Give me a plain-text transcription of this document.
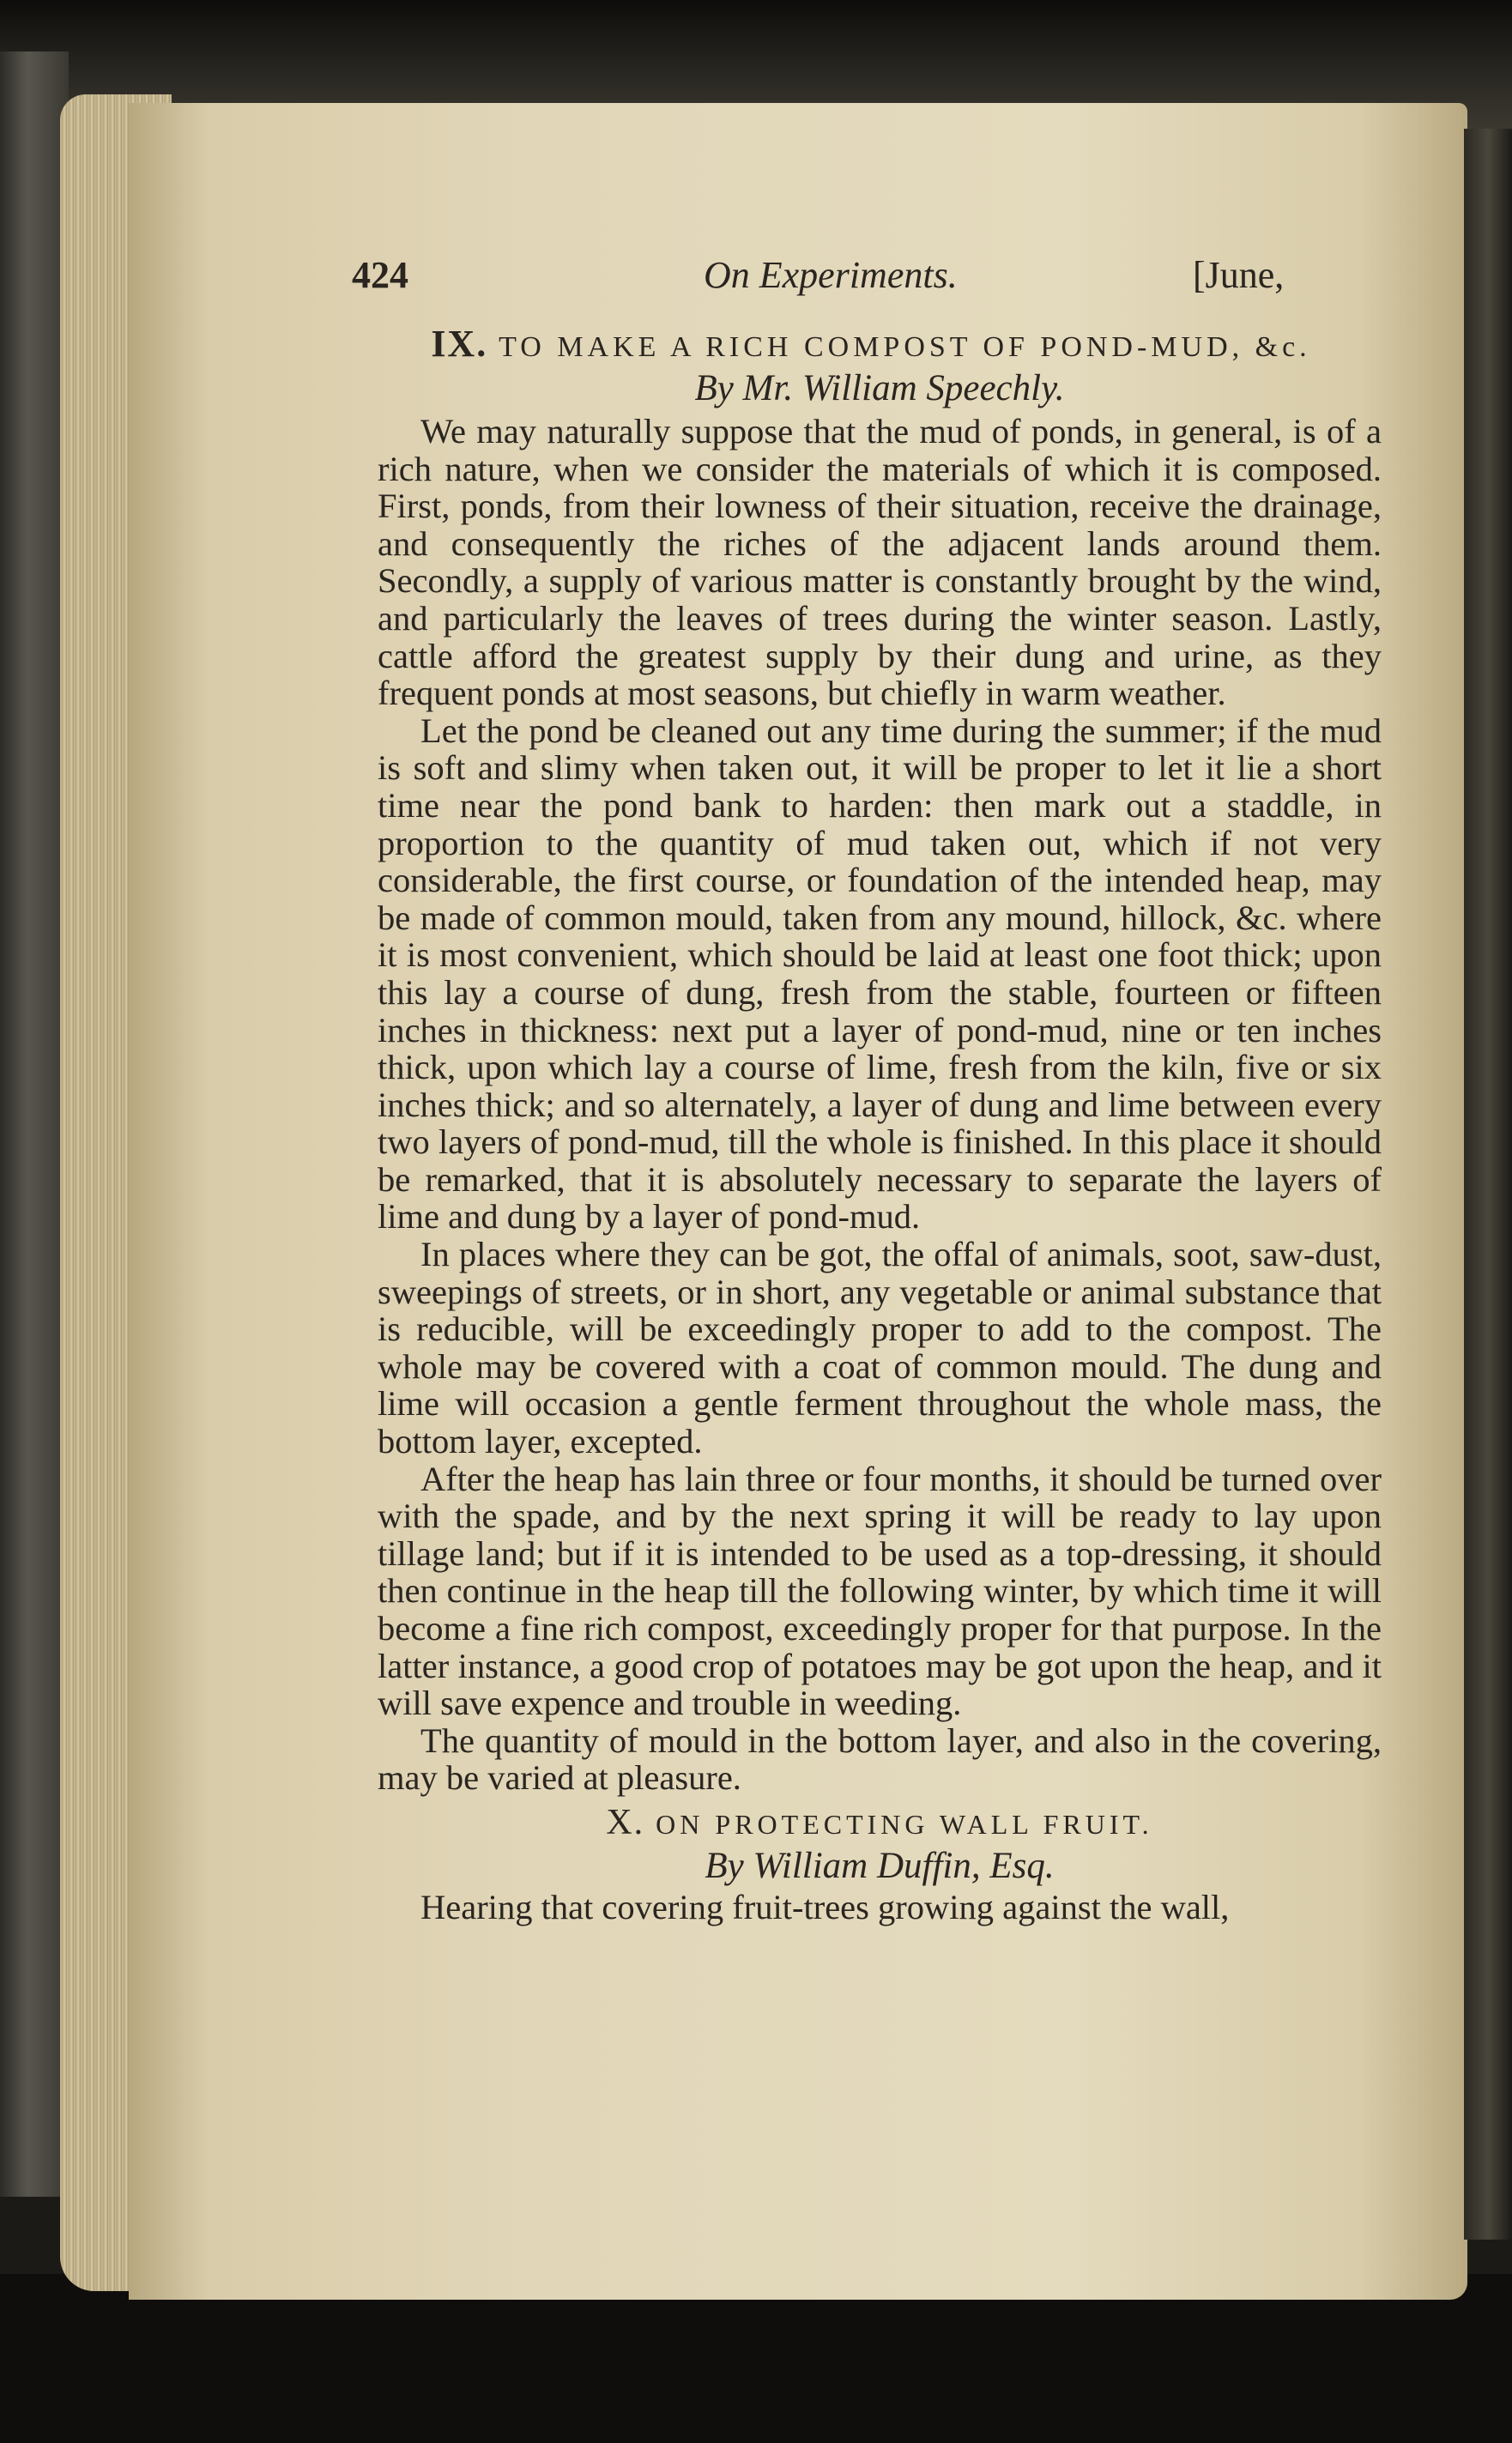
424	On Experiments.	[June,
IX. TO MAKE A RICH COMPOST OF POND-MUD, &c.
By Mr. William Speechly.

We may naturally suppose that the mud of ponds, in general, is of a rich nature, when we consider the materials of which it is composed. First, ponds, from their lowness of their situation, receive the drainage, and consequently the riches of the adjacent lands around them. Secondly, a supply of various matter is constantly brought by the wind, and particularly the leaves of trees during the winter season. Lastly, cattle afford the greatest supply by their dung and urine, as they frequent ponds at most seasons, but chiefly in warm weather.

Let the pond be cleaned out any time during the summer; if the mud is soft and slimy when taken out, it will be proper to let it lie a short time near the pond bank to harden: then mark out a staddle, in proportion to the quantity of mud taken out, which if not very considerable, the first course, or foundation of the intended heap, may be made of common mould, taken from any mound, hillock, &c. where it is most convenient, which should be laid at least one foot thick; upon this lay a course of dung, fresh from the stable, fourteen or fifteen inches in thickness: next put a layer of pond-mud, nine or ten inches thick, upon which lay a course of lime, fresh from the kiln, five or six inches thick; and so alternately, a layer of dung and lime between every two layers of pond-mud, till the whole is finished. In this place it should be remarked, that it is absolutely necessary to separate the layers of lime and dung by a layer of pond-mud.

In places where they can be got, the offal of animals, soot, saw-dust, sweepings of streets, or in short, any vegetable or animal substance that is reducible, will be exceedingly proper to add to the compost. The whole may be covered with a coat of common mould. The dung and lime will occasion a gentle ferment throughout the whole mass, the bottom layer, excepted.

After the heap has lain three or four months, it should be turned over with the spade, and by the next spring it will be ready to lay upon tillage land; but if it is intended to be used as a top-dressing, it should then continue in the heap till the following winter, by which time it will become a fine rich compost, exceedingly proper for that purpose. In the latter instance, a good crop of potatoes may be got upon the heap, and it will save expence and trouble in weeding.

The quantity of mould in the bottom layer, and also in the covering, may be varied at pleasure.

X. ON PROTECTING WALL FRUIT.
By William Duffin, Esq.

Hearing that covering fruit-trees growing against the wall,
